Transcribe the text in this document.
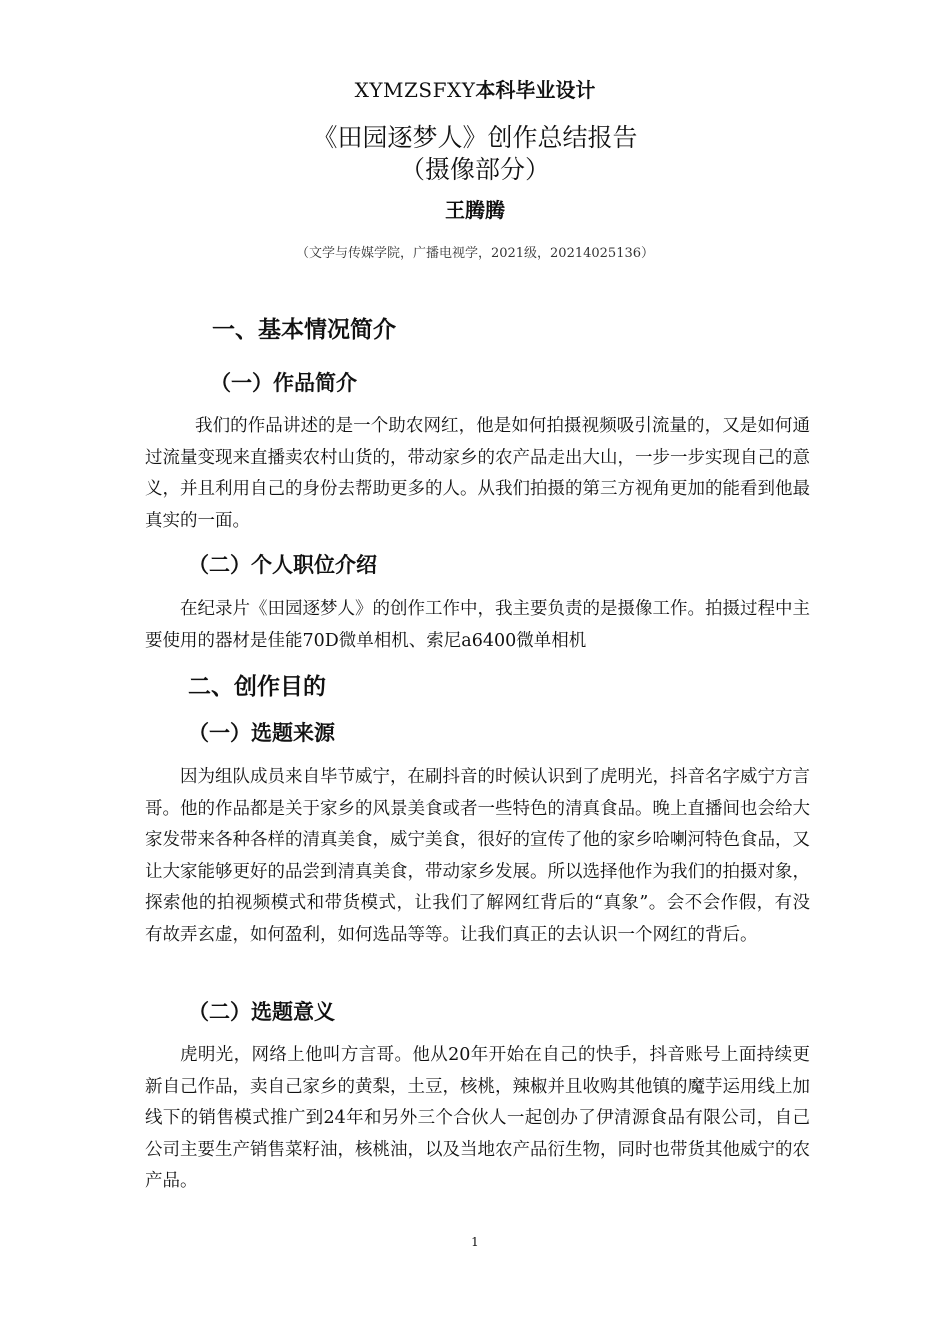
XYMZSFXY本科毕业设计
《田园逐梦人》创作总结报告
（摄像部分）
王腾腾
（文学与传媒学院，广播电视学，2021级，20214025136）
一、基本情况简介
（一）作品简介

我们的作品讲述的是一个助农网红，他是如何拍摄视频吸引流量的，又是如何通过流量变现来直播卖农村山货的，带动家乡的农产品走出大山，一步一步实现自己的意义，并且利用自己的身份去帮助更多的人。从我们拍摄的第三方视角更加的能看到他最真实的一面。

（二）个人职位介绍

在纪录片《田园逐梦人》的创作工作中，我主要负责的是摄像工作。拍摄过程中主要使用的器材是佳能70D微单相机、索尼a6400微单相机

二、创作目的
（一）选题来源

因为组队成员来自毕节威宁，在刷抖音的时候认识到了虎明光，抖音名字威宁方言哥。他的作品都是关于家乡的风景美食或者一些特色的清真食品。晚上直播间也会给大家发带来各种各样的清真美食，威宁美食，很好的宣传了他的家乡哈喇河特色食品，又让大家能够更好的品尝到清真美食，带动家乡发展。所以选择他作为我们的拍摄对象，探索他的拍视频模式和带货模式，让我们了解网红背后的“真象”。会不会作假，有没有故弄玄虚，如何盈利，如何选品等等。让我们真正的去认识一个网红的背后。

（二）选题意义

虎明光，网络上他叫方言哥。他从20年开始在自己的快手，抖音账号上面持续更新自己作品，卖自己家乡的黄梨，土豆，核桃，辣椒并且收购其他镇的魔芋运用线上加线下的销售模式推广到24年和另外三个合伙人一起创办了伊清源食品有限公司，自己公司主要生产销售菜籽油，核桃油，以及当地农产品衍生物，同时也带货其他威宁的农产品。

1
